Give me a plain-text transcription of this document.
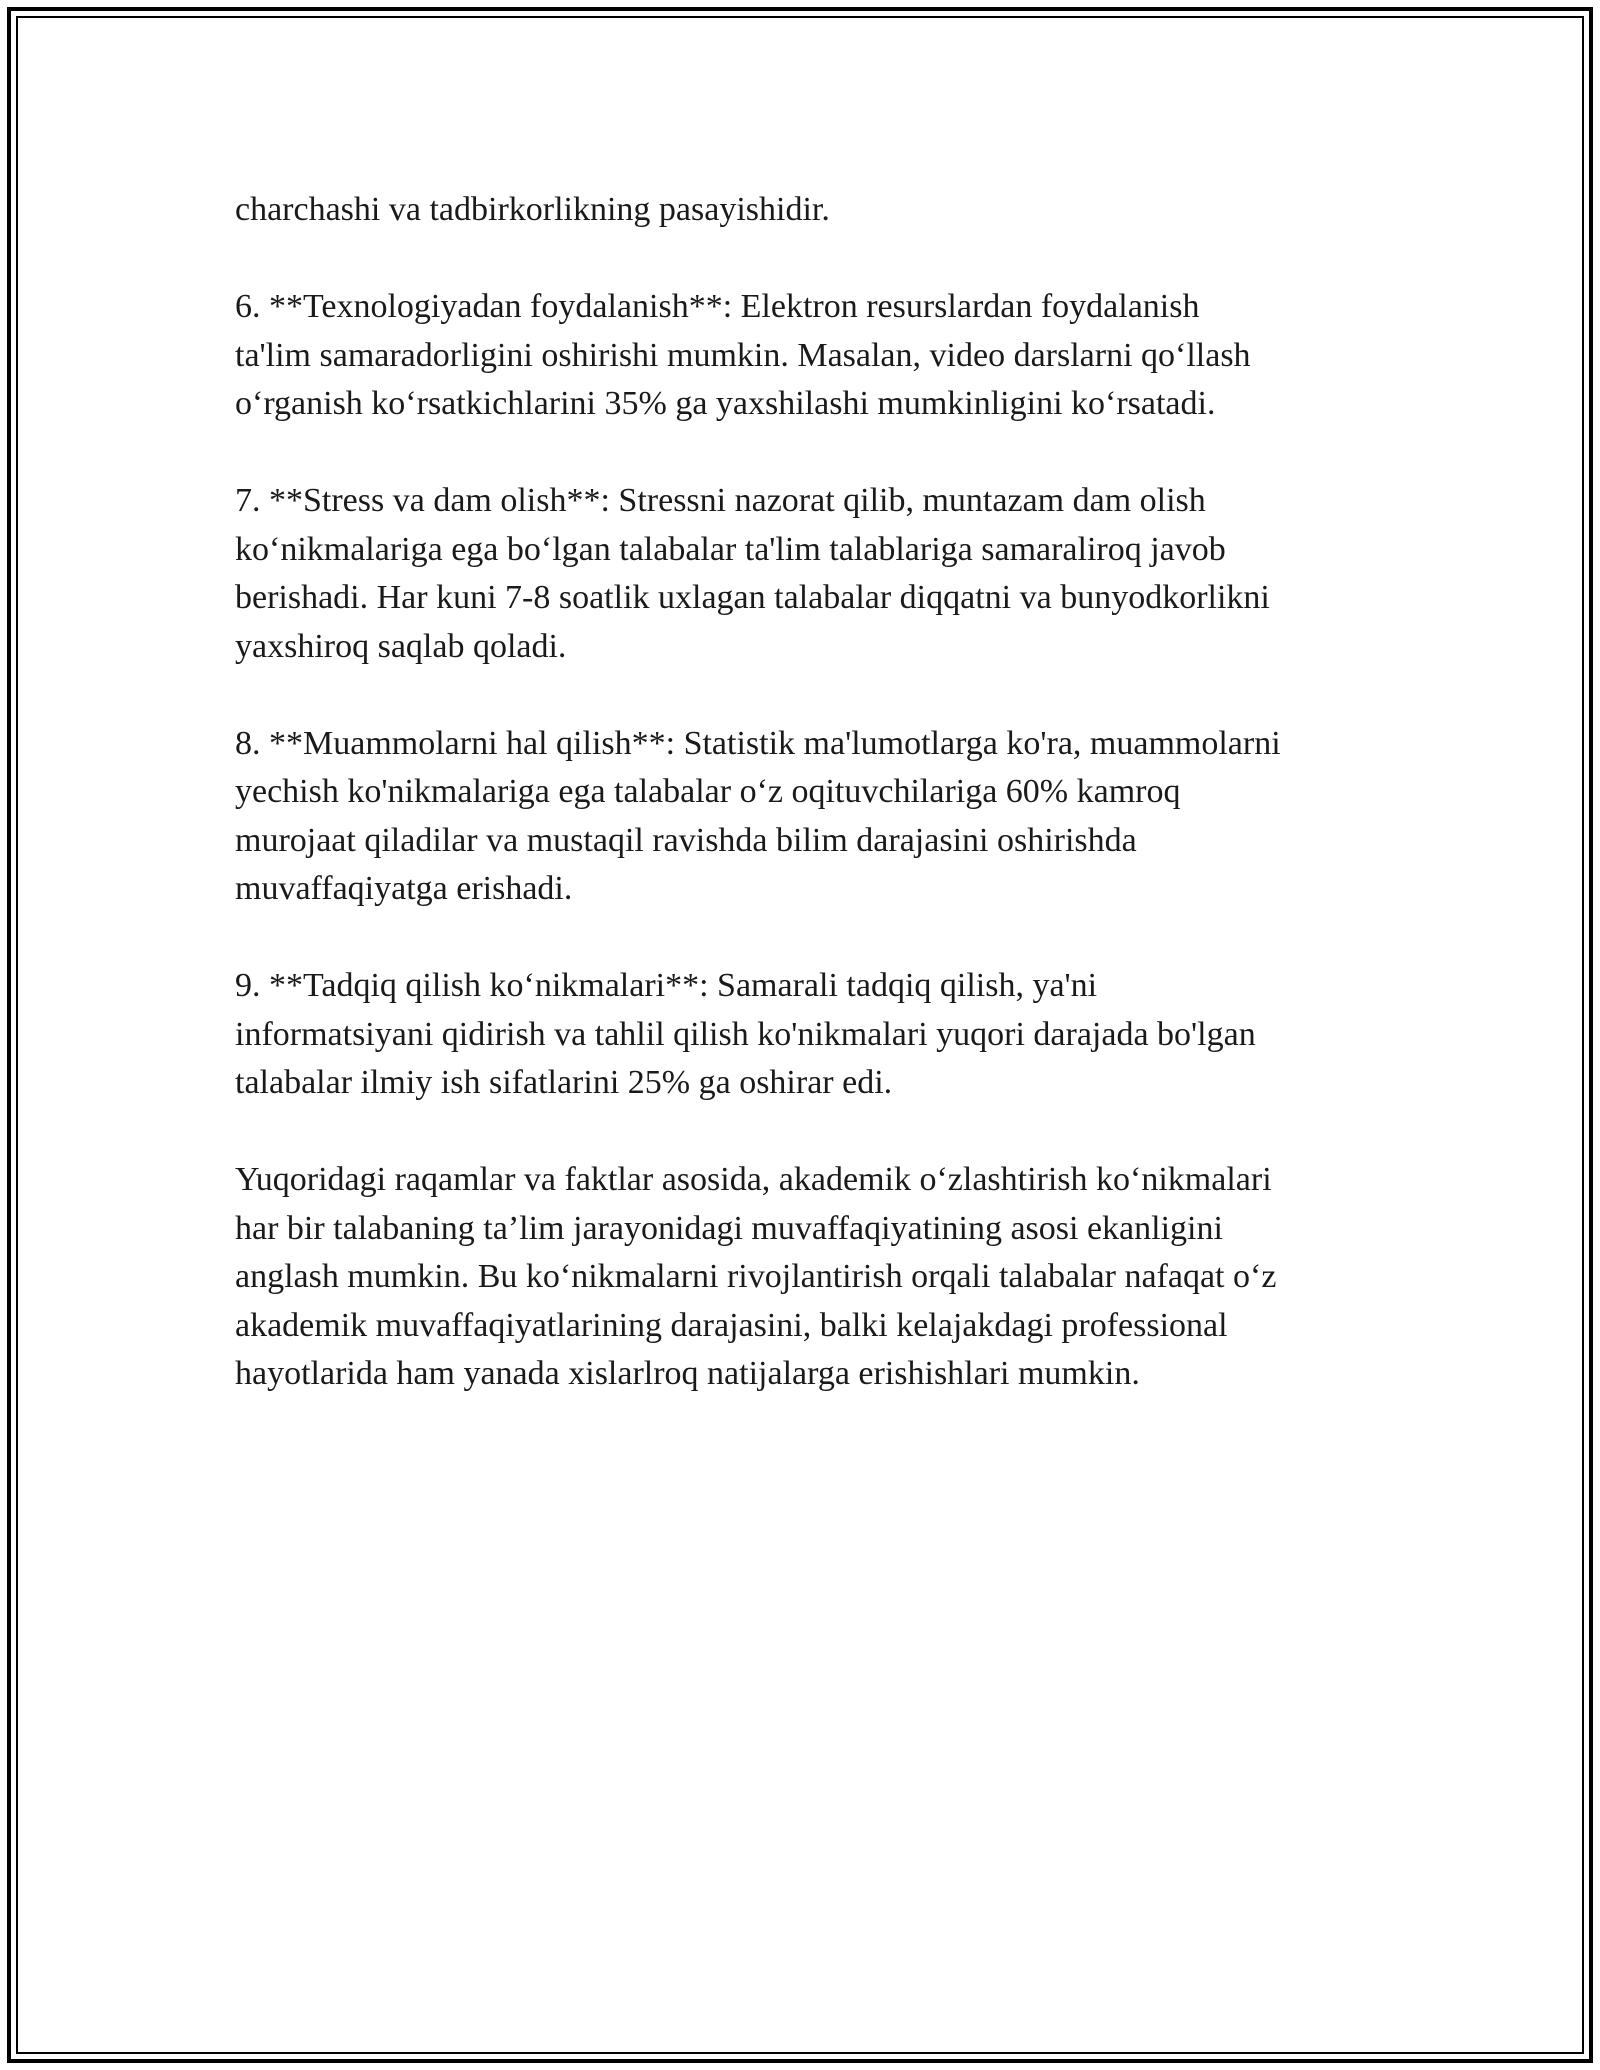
charchashi va tadbirkorlikning pasayishidir.

6. **Texnologiyadan foydalanish**: Elektron resurslardan foydalanish
ta'lim samaradorligini oshirishi mumkin. Masalan, video darslarni qo‘llash
o‘rganish ko‘rsatkichlarini 35% ga yaxshilashi mumkinligini ko‘rsatadi.

7. **Stress va dam olish**: Stressni nazorat qilib, muntazam dam olish
ko‘nikmalariga ega bo‘lgan talabalar ta'lim talablariga samaraliroq javob
berishadi. Har kuni 7-8 soatlik uxlagan talabalar diqqatni va bunyodkorlikni
yaxshiroq saqlab qoladi.

8. **Muammolarni hal qilish**: Statistik ma'lumotlarga ko'ra, muammolarni
yechish ko'nikmalariga ega talabalar o‘z oqituvchilariga 60% kamroq
murojaat qiladilar va mustaqil ravishda bilim darajasini oshirishda
muvaffaqiyatga erishadi.

9. **Tadqiq qilish ko‘nikmalari**: Samarali tadqiq qilish, ya'ni
informatsiyani qidirish va tahlil qilish ko'nikmalari yuqori darajada bo'lgan
talabalar ilmiy ish sifatlarini 25% ga oshirar edi.

Yuqoridagi raqamlar va faktlar asosida, akademik o‘zlashtirish ko‘nikmalari
har bir talabaning ta’lim jarayonidagi muvaffaqiyatining asosi ekanligini
anglash mumkin. Bu ko‘nikmalarni rivojlantirish orqali talabalar nafaqat o‘z
akademik muvaffaqiyatlarining darajasini, balki kelajakdagi professional
hayotlarida ham yanada xislarlroq natijalarga erishishlari mumkin.
